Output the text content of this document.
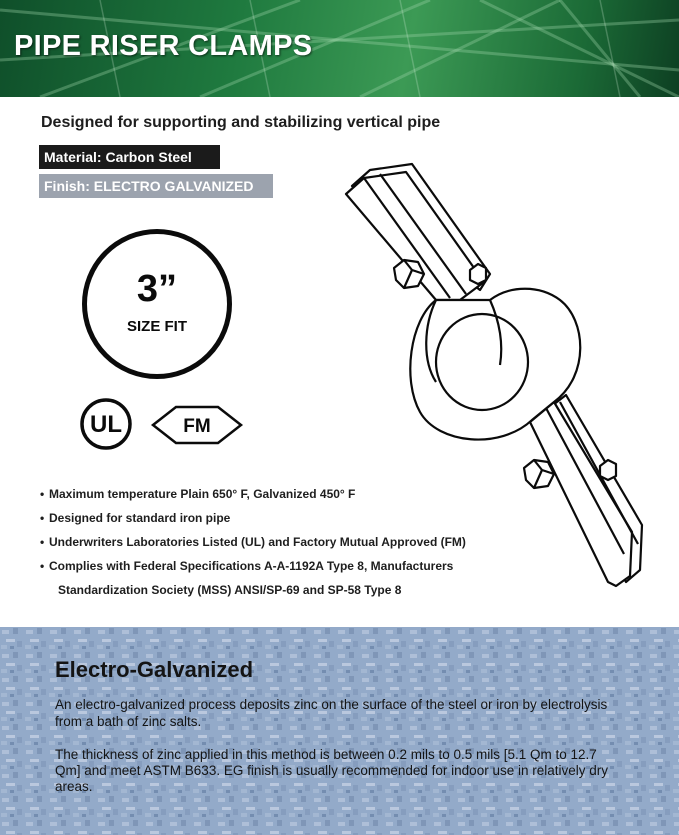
PIPE RISER CLAMPS

Designed for supporting and stabilizing vertical pipe

Material: Carbon Steel
Finish: ELECTRO GALVANIZED
3”
SIZE FIT
UL	FM
• Maximum temperature Plain 650° F, Galvanized 450° F
• Designed for standard iron pipe
• Underwriters Laboratories Listed (UL) and Factory Mutual Approved (FM)
• Complies with Federal Specifications A-A-1192A Type 8, Manufacturers
Standardization Society (MSS) ANSI/SP-69 and SP-58 Type 8
Electro-Galvanized

An electro-galvanized process deposits zinc on the surface of the steel or iron by electrolysis from a bath of zinc salts.

The thickness of zinc applied in this method is between 0.2 mils to 0.5 mils [5.1 Qm to 12.7 Qm] and meet ASTM B633. EG finish is usually recommended for indoor use in relatively dry areas.
